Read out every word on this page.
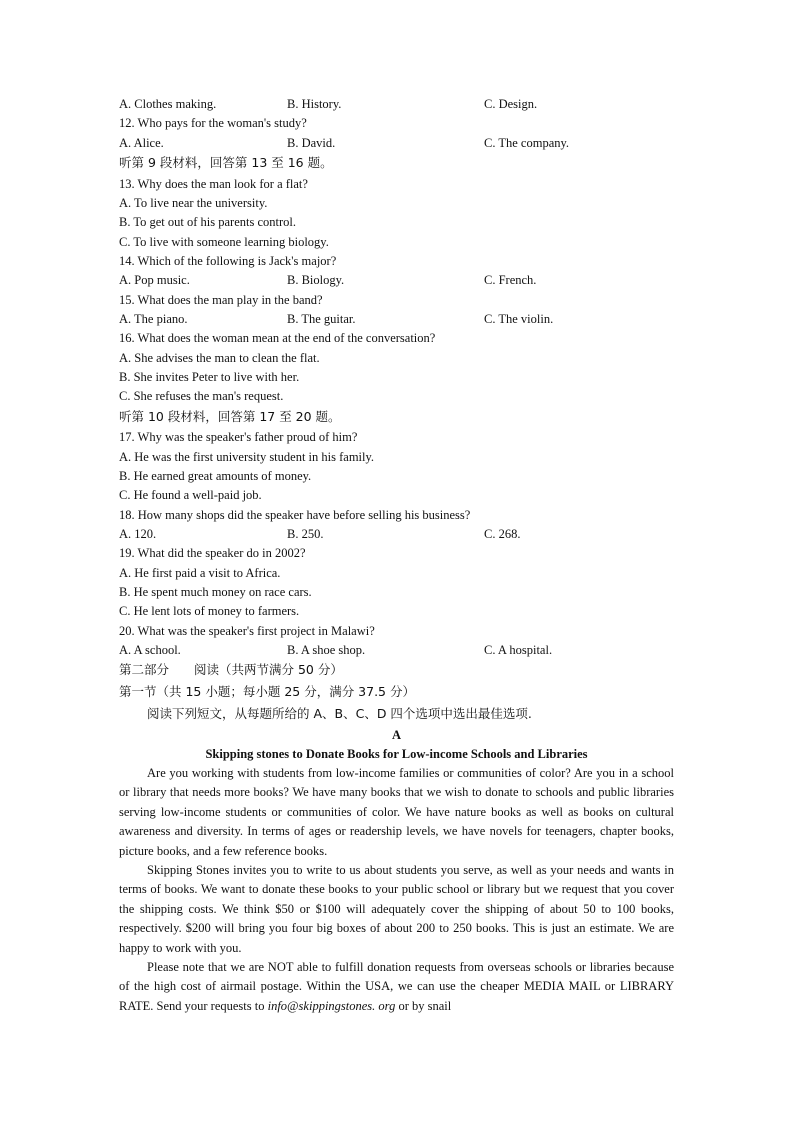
A. Clothes making.	B. History.	C. Design.
12. Who pays for the woman's study?
A. Alice.	B. David.	C. The company.
听第 9 段材料，回答第 13 至 16 题。
13. Why does the man look for a flat?
A. To live near the university.
B. To get out of his parents control.
C. To live with someone learning biology.
14. Which of the following is Jack's major?
A. Pop music.	B. Biology.	C. French.
15. What does the man play in the band?
A. The piano.	B. The guitar.	C. The violin.
16. What does the woman mean at the end of the conversation?
A. She advises the man to clean the flat.
B. She invites Peter to live with her.
C. She refuses the man's request.
听第 10 段材料，回答第 17 至 20 题。
17. Why was the speaker's father proud of him?
A. He was the first university student in his family.
B. He earned great amounts of money.
C. He found a well-paid job.
18. How many shops did the speaker have before selling his business?
A. 120.	B. 250.	C. 268.
19. What did the speaker do in 2002?
A. He first paid a visit to Africa.
B. He spent much money on race cars.
C. He lent lots of money to farmers.
20. What was the speaker's first project in Malawi?
A. A school.	B. A shoe shop.	C. A hospital.
第二部分　　阅读（共两节满分 50 分）
第一节（共 15 小题；每小题 25 分，满分 37.5 分）
阅读下列短文，从每题所给的 A、B、C、D 四个选项中选出最佳选项.
A
Skipping stones to Donate Books for Low-income Schools and Libraries
Are you working with students from low-income families or communities of color? Are you in a school or library that needs more books? We have many books that we wish to donate to schools and public libraries serving low-income students or communities of color. We have nature books as well as books on cultural awareness and diversity. In terms of ages or readership levels, we have novels for teenagers, chapter books, picture books, and a few reference books.
Skipping Stones invites you to write to us about students you serve, as well as your needs and wants in terms of books. We want to donate these books to your public school or library but we request that you cover the shipping costs. We think $50 or $100 will adequately cover the shipping of about 50 to 100 books, respectively. $200 will bring you four big boxes of about 200 to 250 books. This is just an estimate. We are happy to work with you.
Please note that we are NOT able to fulfill donation requests from overseas schools or libraries because of the high cost of airmail postage. Within the USA, we can use the cheaper MEDIA MAIL or LIBRARY RATE. Send your requests to info@skippingstones. org or by snail
